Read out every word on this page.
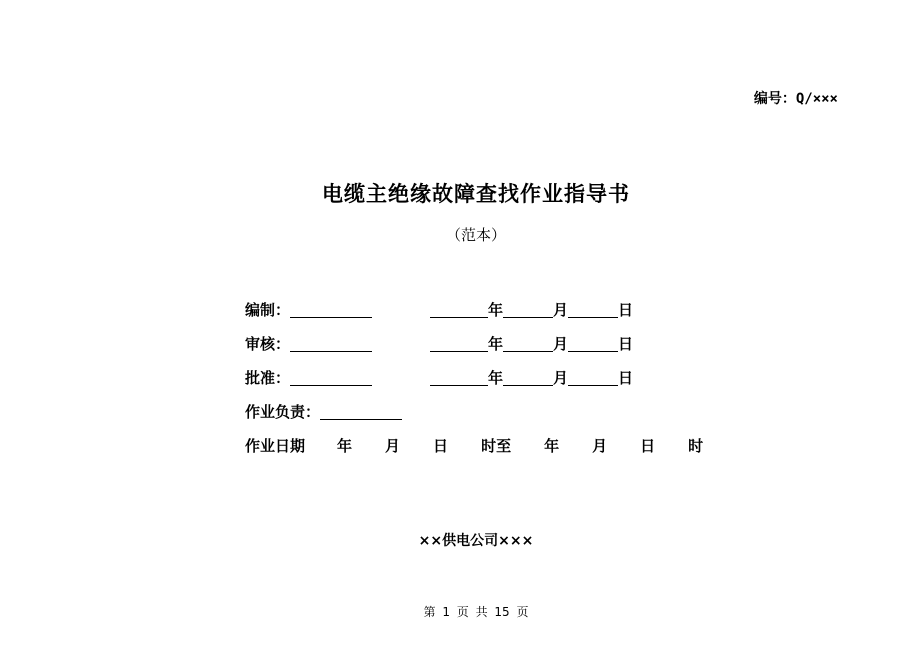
编号：Q/×××
电缆主绝缘故障查找作业指导书
（范本）
编制：	年	月	日
审核：	年	月	日
批准：	年	月	日
作业负责：
作业日期 年 月 日 时至 年 月 日 时
××供电公司×××
第 1 页 共 15 页
